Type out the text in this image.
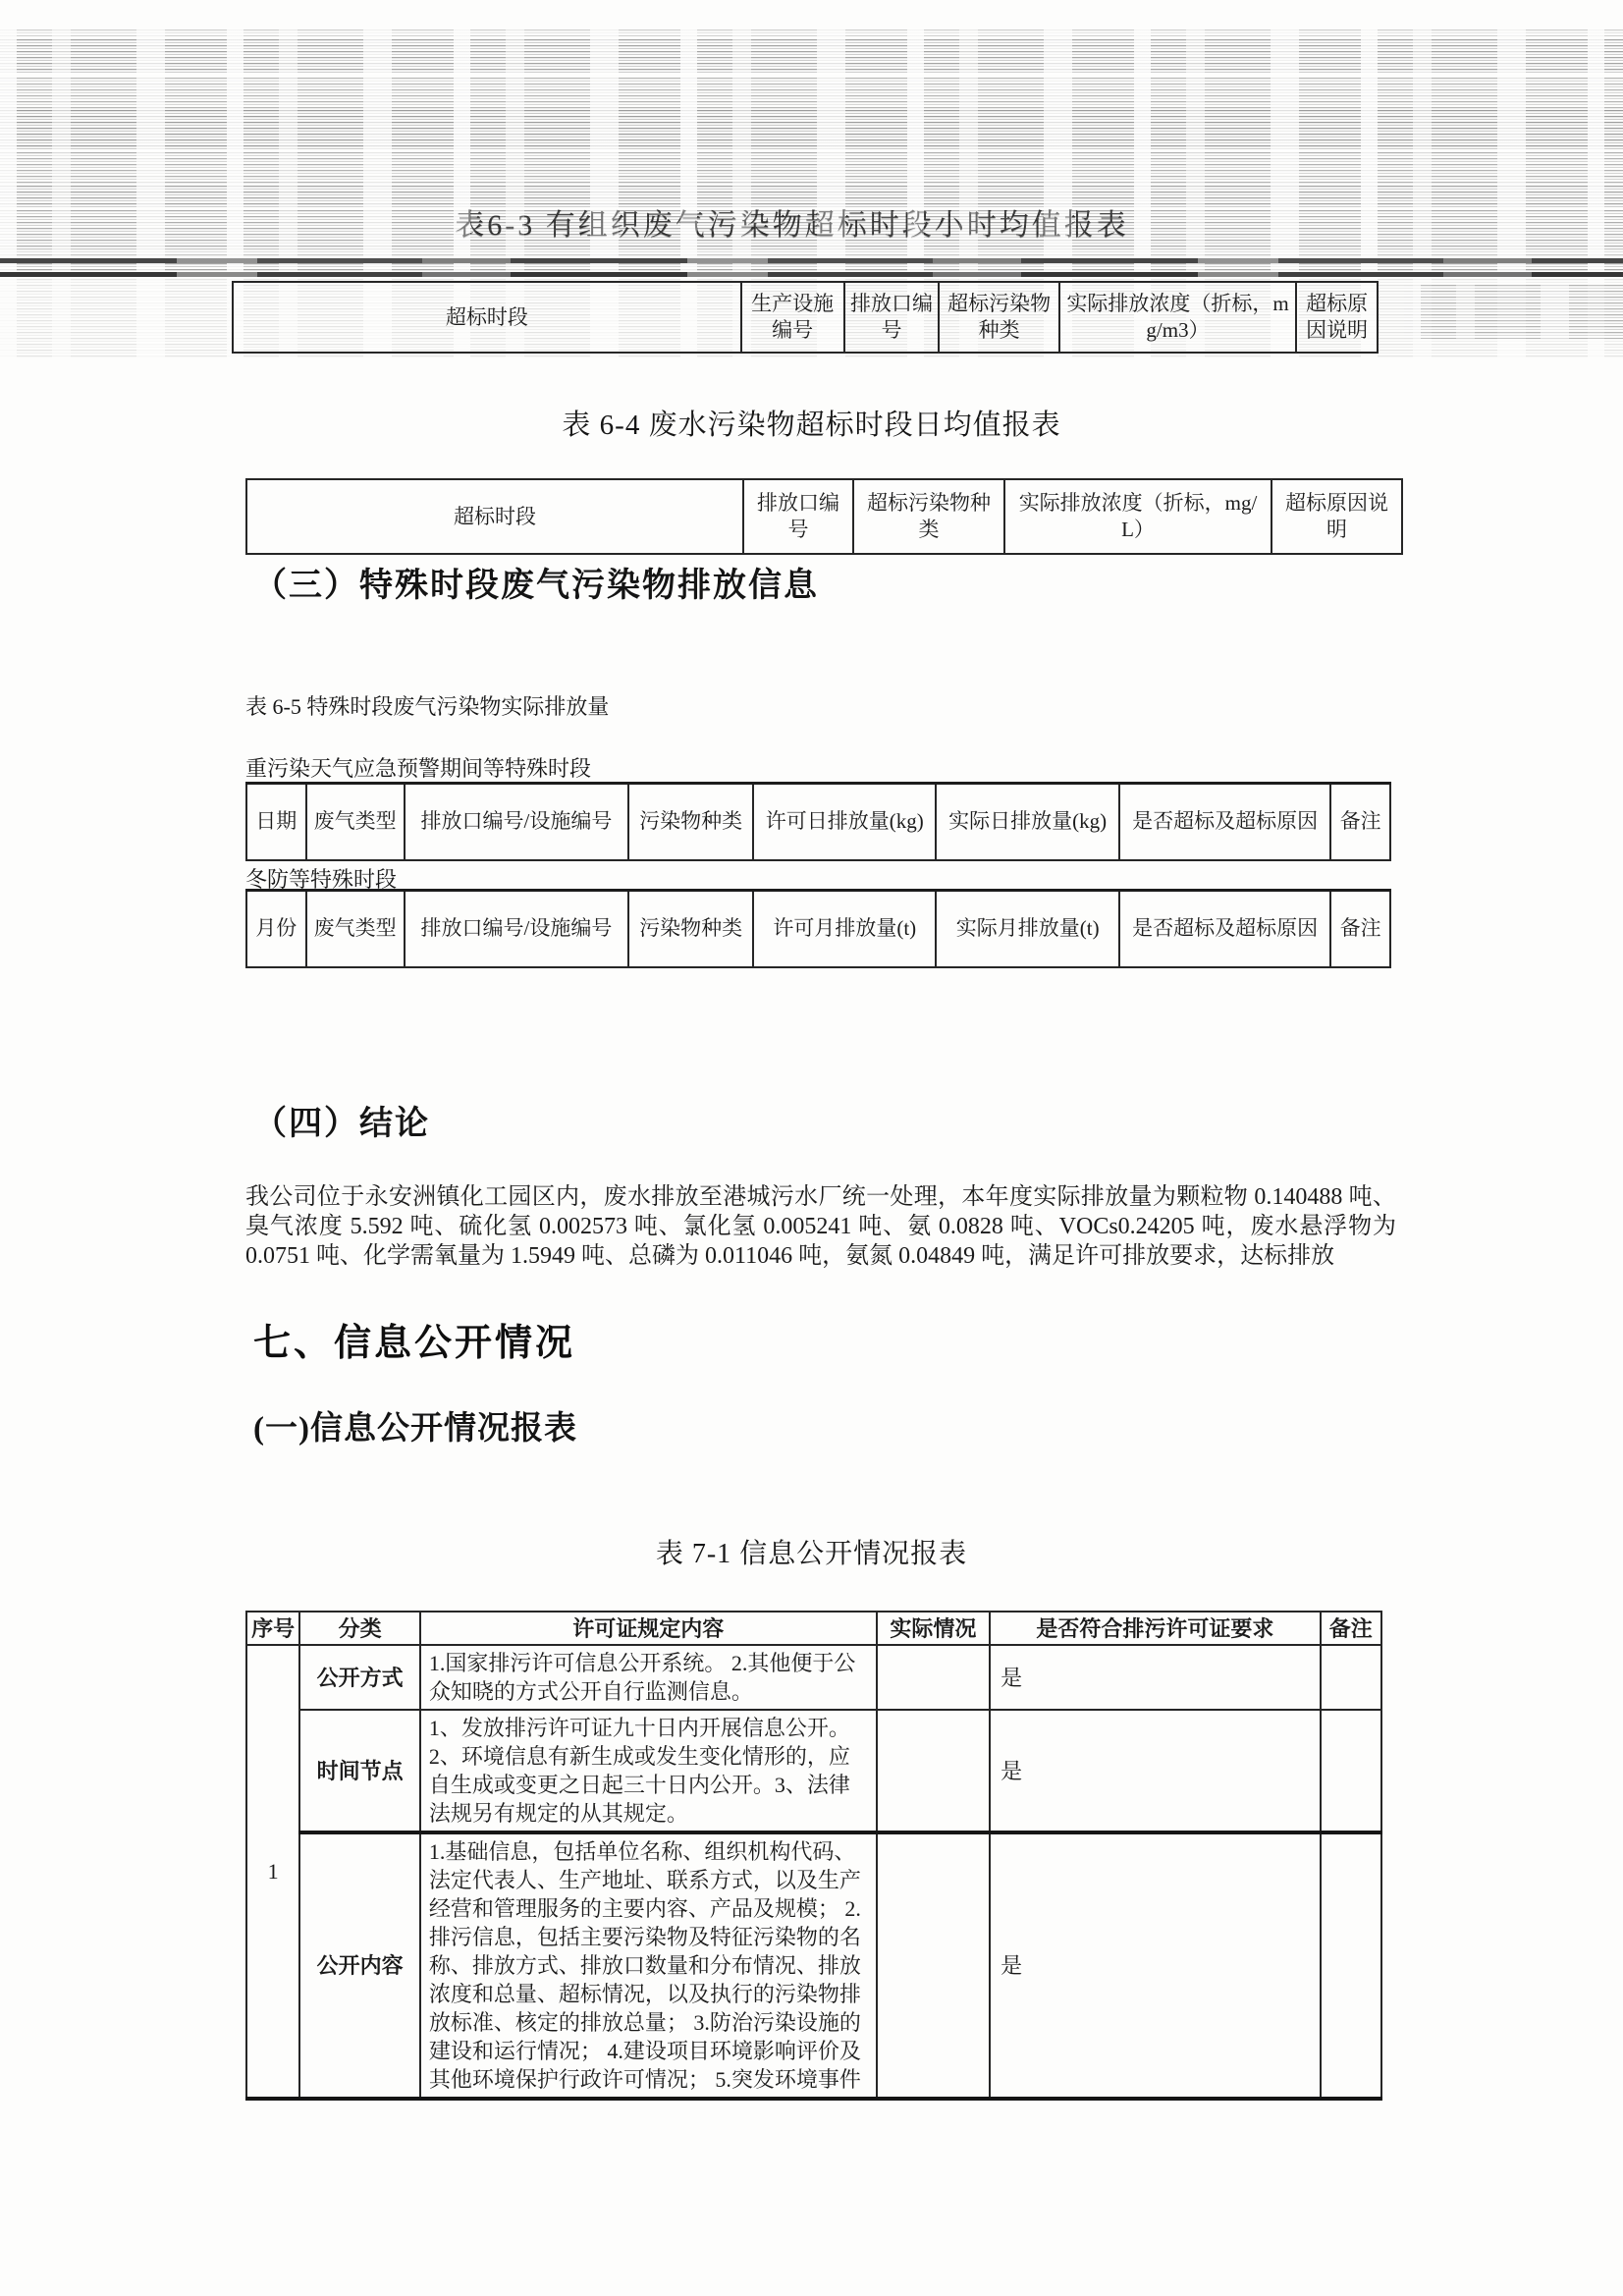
表6-3 有组织废气污染物超标时段小时均值报表
超标时段	生产设施编号	排放口编号	超标污染物种类	实际排放浓度（折标，mg/m3）	超标原因说明
表 6-4 废水污染物超标时段日均值报表
超标时段	排放口编号	超标污染物种类	实际排放浓度（折标，mg/L）	超标原因说明
（三）特殊时段废气污染物排放信息
表 6-5 特殊时段废气污染物实际排放量
重污染天气应急预警期间等特殊时段
日期	废气类型	排放口编号/设施编号	污染物种类	许可日排放量(kg)	实际日排放量(kg)	是否超标及超标原因	备注
冬防等特殊时段
月份	废气类型	排放口编号/设施编号	污染物种类	许可月排放量(t)	实际月排放量(t)	是否超标及超标原因	备注
（四）结论

我公司位于永安洲镇化工园区内，废水排放至港城污水厂统一处理，本年度实际排放量为颗粒物 0.140488 吨、臭气浓度 5.592 吨、硫化氢 0.002573 吨、氯化氢 0.005241 吨、氨 0.0828 吨、VOCs0.24205 吨，废水悬浮物为 0.0751 吨、化学需氧量为 1.5949 吨、总磷为 0.011046 吨，氨氮 0.04849 吨，满足许可排放要求，达标排放

七、信息公开情况
(一)信息公开情况报表
表 7-1 信息公开情况报表
序号	分类	许可证规定内容	实际情况	是否符合排污许可证要求	备注
1	公开方式	1.国家排污许可信息公开系统。 2.其他便于公众知晓的方式公开自行监测信息。		是	
	时间节点	1、发放排污许可证九十日内开展信息公开。2、环境信息有新生成或发生变化情形的，应自生成或变更之日起三十日内公开。3、法律法规另有规定的从其规定。		是	
	公开内容	1.基础信息，包括单位名称、组织机构代码、法定代表人、生产地址、联系方式，以及生产经营和管理服务的主要内容、产品及规模； 2.排污信息，包括主要污染物及特征污染物的名称、排放方式、排放口数量和分布情况、排放浓度和总量、超标情况，以及执行的污染物排放标准、核定的排放总量； 3.防治污染设施的建设和运行情况； 4.建设项目环境影响评价及其他环境保护行政许可情况； 5.突发环境事件		是	
